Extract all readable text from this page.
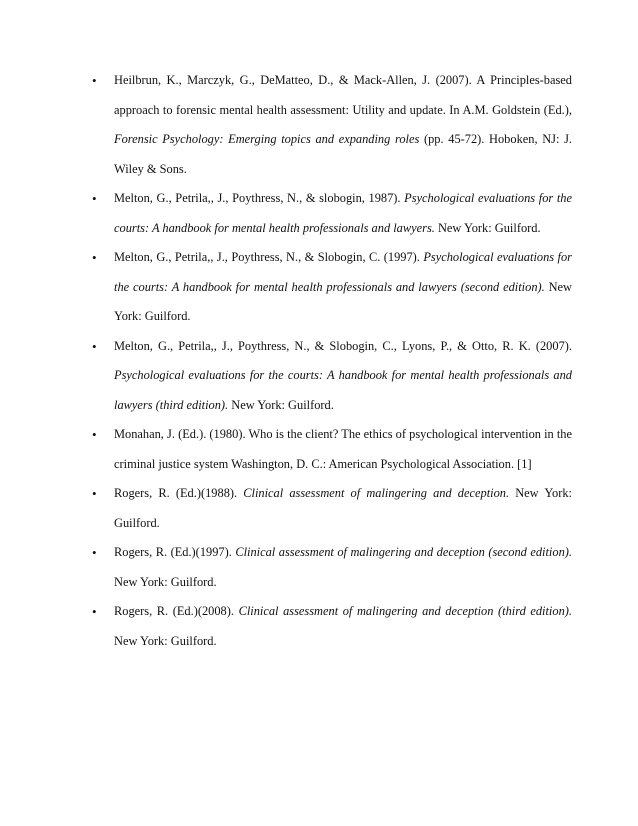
• Heilbrun, K., Marczyk, G., DeMatteo, D., & Mack-Allen, J. (2007). A Principles-based approach to forensic mental health assessment: Utility and update. In A.M. Goldstein (Ed.), Forensic Psychology: Emerging topics and expanding roles (pp. 45-72). Hoboken, NJ: J. Wiley & Sons.

• Melton, G., Petrila,, J., Poythress, N., & slobogin, 1987). Psychological evaluations for the courts: A handbook for mental health professionals and lawyers. New York: Guilford.

• Melton, G., Petrila,, J., Poythress, N., & Slobogin, C. (1997). Psychological evaluations for the courts: A handbook for mental health professionals and lawyers (second edition). New York: Guilford.

• Melton, G., Petrila,, J., Poythress, N., & Slobogin, C., Lyons, P., & Otto, R. K. (2007). Psychological evaluations for the courts: A handbook for mental health professionals and lawyers (third edition). New York: Guilford.

• Monahan, J. (Ed.). (1980). Who is the client? The ethics of psychological intervention in the criminal justice system Washington, D. C.: American Psychological Association. [1]

• Rogers, R. (Ed.)(1988). Clinical assessment of malingering and deception. New York: Guilford.

• Rogers, R. (Ed.)(1997). Clinical assessment of malingering and deception (second edition). New York: Guilford.

• Rogers, R. (Ed.)(2008). Clinical assessment of malingering and deception (third edition). New York: Guilford.
